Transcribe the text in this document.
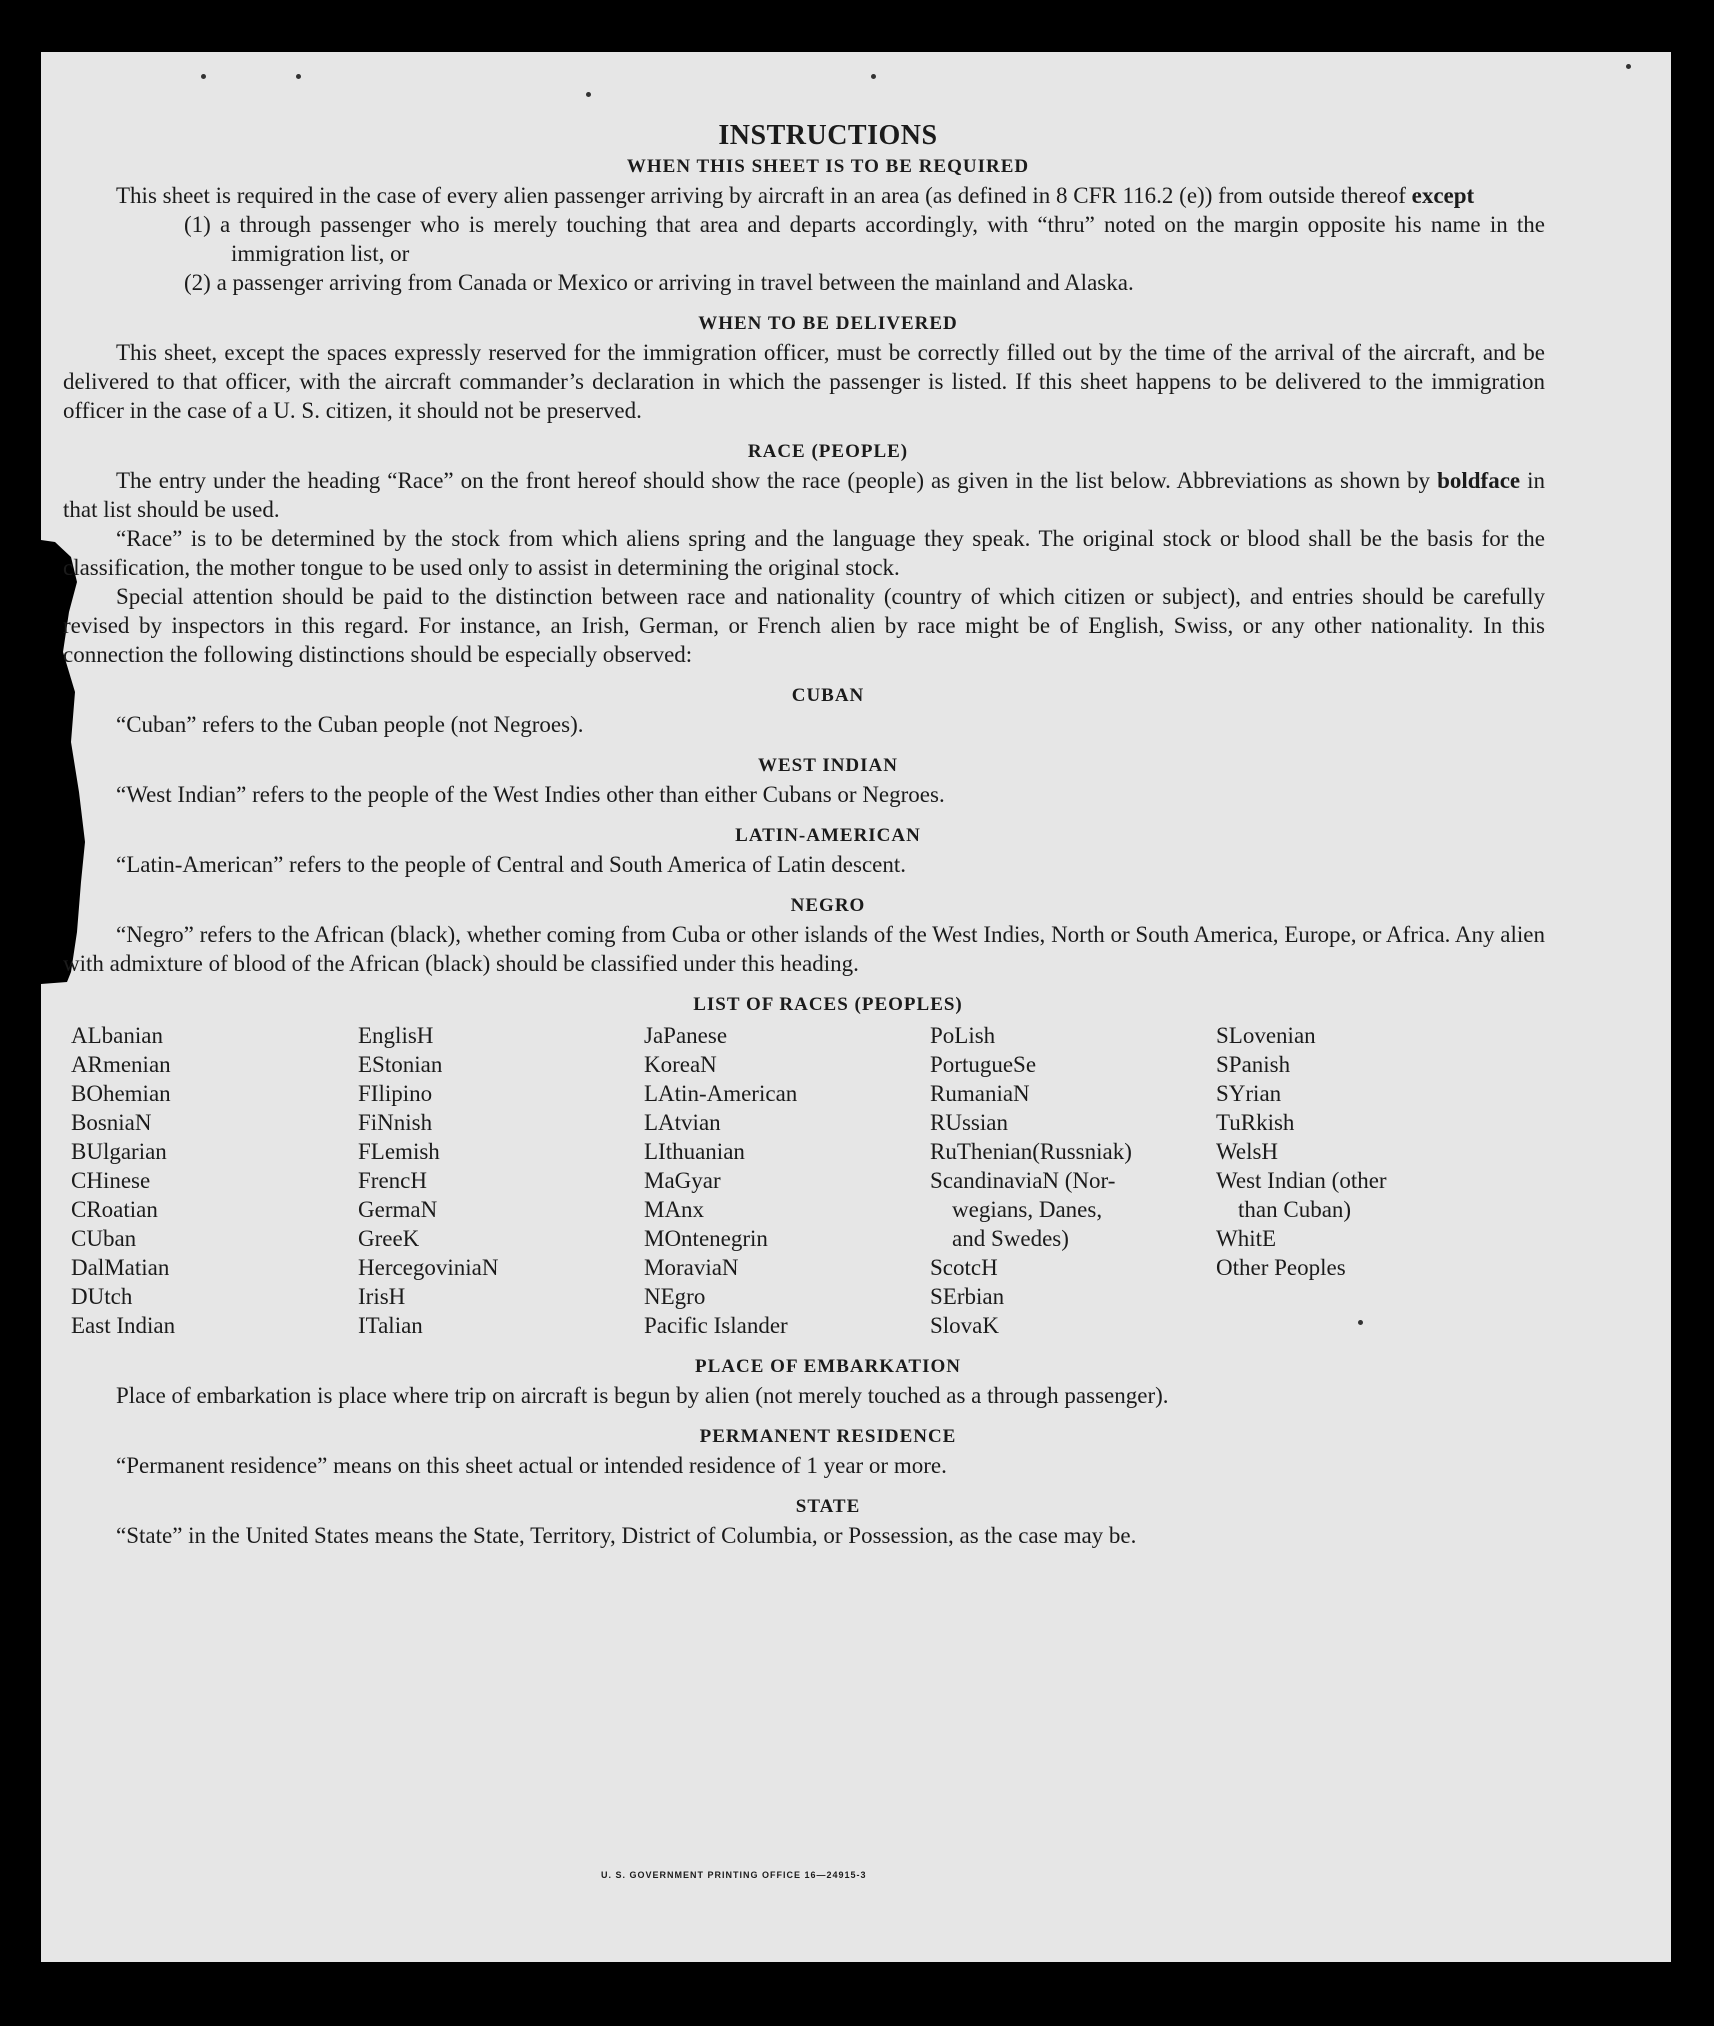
INSTRUCTIONS
WHEN THIS SHEET IS TO BE REQUIRED
This sheet is required in the case of every alien passenger arriving by aircraft in an area (as defined in 8 CFR 116.2 (e)) from outside thereof except
(1) a through passenger who is merely touching that area and departs accordingly, with “thru” noted on the margin opposite his name in the immigration list, or
(2) a passenger arriving from Canada or Mexico or arriving in travel between the mainland and Alaska.
WHEN TO BE DELIVERED
This sheet, except the spaces expressly reserved for the immigration officer, must be correctly filled out by the time of the arrival of the aircraft, and be delivered to that officer, with the aircraft commander’s declaration in which the passenger is listed. If this sheet happens to be delivered to the immigration officer in the case of a U. S. citizen, it should not be preserved.
RACE (PEOPLE)
The entry under the heading “Race” on the front hereof should show the race (people) as given in the list below. Abbreviations as shown by boldface in that list should be used.
“Race” is to be determined by the stock from which aliens spring and the language they speak. The original stock or blood shall be the basis for the classification, the mother tongue to be used only to assist in determining the original stock.
Special attention should be paid to the distinction between race and nationality (country of which citizen or subject), and entries should be carefully revised by inspectors in this regard. For instance, an Irish, German, or French alien by race might be of English, Swiss, or any other nationality. In this connection the following distinctions should be especially observed:
CUBAN
“Cuban” refers to the Cuban people (not Negroes).
WEST INDIAN
“West Indian” refers to the people of the West Indies other than either Cubans or Negroes.
LATIN-AMERICAN
“Latin-American” refers to the people of Central and South America of Latin descent.
NEGRO
“Negro” refers to the African (black), whether coming from Cuba or other islands of the West Indies, North or South America, Europe, or Africa. Any alien with admixture of blood of the African (black) should be classified under this heading.
LIST OF RACES (PEOPLES)
ALbanian
ARmenian
BOhemian
BosniaN
BUlgarian
CHinese
CRoatian
CUban
DalMatian
DUtch
East Indian
EnglisH
EStonian
FIlipino
FiNnish
FLemish
FrencH
GermaN
GreeK
HercegoviniaN
IrisH
ITalian
JaPanese
KoreaN
LAtin-American
LAtvian
LIthuanian
MaGyar
MAnx
MOntenegrin
MoraviaN
NEgro
Pacific Islander
PoLish
PortugueSe
RumaniaN
RUssian
RuThenian(Russniak)
ScandinaviaN (Nor-
wegians, Danes,
and Swedes)
ScotcH
SErbian
SlovaK
SLovenian
SPanish
SYrian
TuRkish
WelsH
West Indian (other
than Cuban)
WhitE
Other Peoples
PLACE OF EMBARKATION
Place of embarkation is place where trip on aircraft is begun by alien (not merely touched as a through passenger).
PERMANENT RESIDENCE
“Permanent residence” means on this sheet actual or intended residence of 1 year or more.
STATE
“State” in the United States means the State, Territory, District of Columbia, or Possession, as the case may be.
U. S. GOVERNMENT PRINTING OFFICE 16—24915-3
